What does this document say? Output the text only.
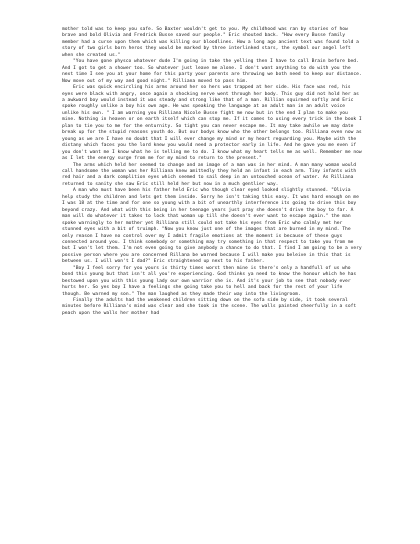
mother told was to keep you safe. So Baxter wouldn't get to you. My childhood was ran by stories of how brave and bold Olivia and Fredrick Busse saved our people." Eric shouted back. "How every Busse family member had a curse upon them which was killing our bloodlines. How a long ago ancient text was found told a story of two girls born heros they would be marked by three interlinked stars, the symbol our angel left when she created us."

"You have gone physco whatever dude I'm going in take the yelling then I have to call Brain before bed. And I got to get a shower too. So whatever just leave me alone. I don't want anything to do with you the next time I see you at your home for this party your parents are throwing we both need to keep our distance. Now move out of my way and good night." Rilliana moved to pass him.

Eric was quick encircling his arms around her so hers was trapped at her side. His face was red, his eyes were black with angry, once again a shocking nerve went through her body. This guy did not hold her as a awkward boy would instead it was steady and strong like that of a man. Rillian squirmed softly and Eric spoke roughly unlike a boy his own age. He was speaking the language at an adult man in an adult voice unlike his own. " I am warning you Rilliana Nicole Busse fight me now but in the end I plan to make you mine. Nothing in heaven or on earth itself which can stop me. If it comes to using every trick in the book I plan to tie you to me for the enturnity. So tight you can never escape me. It may take awhile we may date break up for the stupid reasons youth do. But our bodys know who the other belongs too. Rilliana even now as young as we are I have no doubt that I will ever change my mind or my heart reguarding you. Maybe with the distany which faces you the lord knew you would need a protector early in life. And he gave you me even if you don't want me I know what he is telling me to do. I know what my heart tells me as well. Remember me now as I let the energy surge from me for my mind to return to the present."

The arms which held her seemed to change and an image of a man was in her mind. A man many woman would call handsome the woman was her Rilliana knew amittedly they held an infant in each arm. Tiny infants with red hair and a dark complition eyes which seemed to sail deep in an untouched ocean of water. As Rilliana returned to sanity she saw Eric still held her but now in a much gentlier way.

A man who must have been his father held Eric who though clear eyed looked slightly stunned. "Olivia help study the children and lets get them inside. Sorry he isn't taking this easy. It was hard enough on me I was 18 at the time and for one so young with a bit of unearthly interference its going to drive this boy beyond crazy. And what with this being in her teenage years just pray she doesn't drive the boy to far. A man will do whatever it takes to lock that woman up till she doesn't ever want to escape again." the man spoke warningly to her mother yet Rilliana still could not take his eyes from Eric who calmly met her stunned eyes with a bit of truimph. "Now you know just one of the images that are burned in my mind. The only reason I have no control over my I admit fragile emotions at the moment is because of these guys connected around you. I think somebody or something may try something in that respect to take you from me but I won't let them. I'm not even going to give anybody a chance to do that. I find I am going to be a very possive person where you are concerned Rillana be warned because I will make you beleive in this that is between us. I will won't I dad?" Eric straightened up next to his father.

"Boy I feel sorry for you yours is thirty times worst then mine is there's only a handfull of us who bond this young but that isn't all you're experiencing. God thinks ya need to know the honour which he has bestowed upon you with this young lady our own warrior she is. And it's your job to see that nobody ever hurts her. So yes boy I have a feelings she going take you to hell and back for the rest of your life though. Be warned my son." The man laughed as they made their way into the livingroom.

Finally the adults had the weakened children sitting down on the sofa side by side, it took several minutes before Rilliana's mind was clear and she took in the scene. The walls painted cheerfully in a soft peach upon the walls her mother had
